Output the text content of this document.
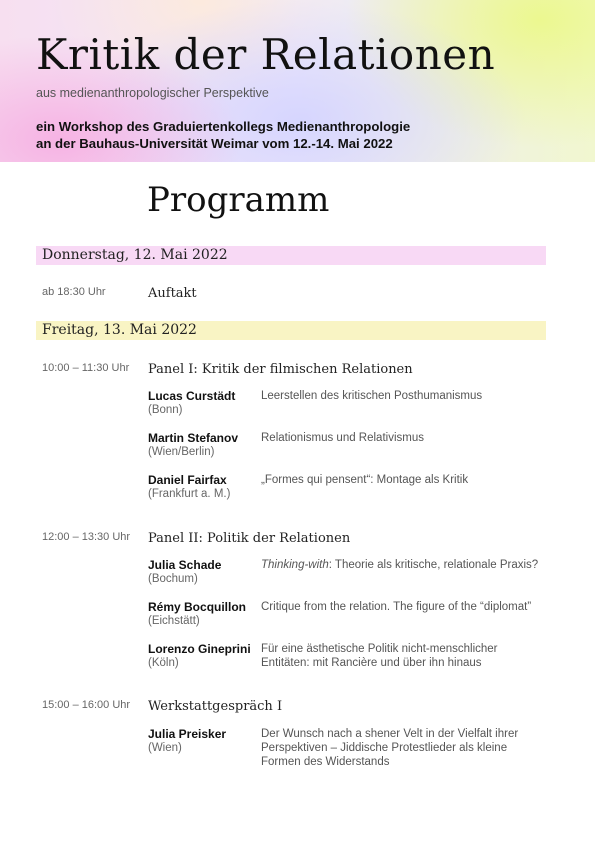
Kritik der Relationen
aus medienanthropologischer Perspektive
ein Workshop des Graduiertenkollegs Medienanthropologie
an der Bauhaus-Universität Weimar vom 12.-14. Mai 2022
Programm
Donnerstag, 12. Mai 2022
ab 18:30 Uhr	Auftakt
Freitag, 13. Mai 2022
10:00 – 11:30 Uhr Panel I: Kritik der filmischen Relationen
Lucas Curstädt
(Bonn)
Leerstellen des kritischen Posthumanismus
Martin Stefanov
(Wien/Berlin)
Relationismus und Relativismus
Daniel Fairfax
(Frankfurt a. M.)
„Formes qui pensent“: Montage als Kritik
12:00 – 13:30 Uhr Panel II: Politik der Relationen
Julia Schade
(Bochum)
Thinking-with: Theorie als kritische, relationale Praxis?
Rémy Bocquillon
(Eichstätt)
Critique from the relation. The figure of the “diplomat”
Lorenzo Gineprini
(Köln)
Für eine ästhetische Politik nicht-menschlicher
Entitäten: mit Rancière und über ihn hinaus
15:00 – 16:00 Uhr Werkstattgespräch I
Julia Preisker
(Wien)
Der Wunsch nach a shener Velt in der Vielfalt ihrer
Perspektiven – Jiddische Protestlieder als kleine
Formen des Widerstands
